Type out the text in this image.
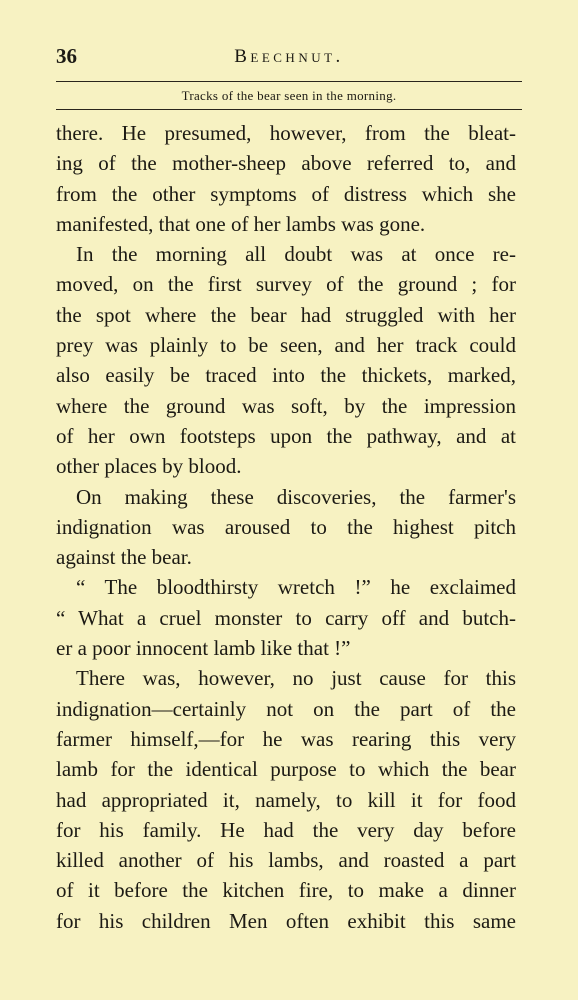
36	Beechnut.
Tracks of the bear seen in the morning.
there. He presumed, however, from the bleat-
ing of the mother-sheep above referred to, and
from the other symptoms of distress which she
manifested, that one of her lambs was gone.
In the morning all doubt was at once re-
moved, on the first survey of the ground ; for
the spot where the bear had struggled with her
prey was plainly to be seen, and her track could
also easily be traced into the thickets, marked,
where the ground was soft, by the impression
of her own footsteps upon the pathway, and at
other places by blood.
On making these discoveries, the farmer's
indignation was aroused to the highest pitch
against the bear.
“ The bloodthirsty wretch !” he exclaimed
“ What a cruel monster to carry off and butch-
er a poor innocent lamb like that !”
There was, however, no just cause for this
indignation—certainly not on the part of the
farmer himself,—for he was rearing this very
lamb for the identical purpose to which the bear
had appropriated it, namely, to kill it for food
for his family. He had the very day before
killed another of his lambs, and roasted a part
of it before the kitchen fire, to make a dinner
for his children Men often exhibit this same
